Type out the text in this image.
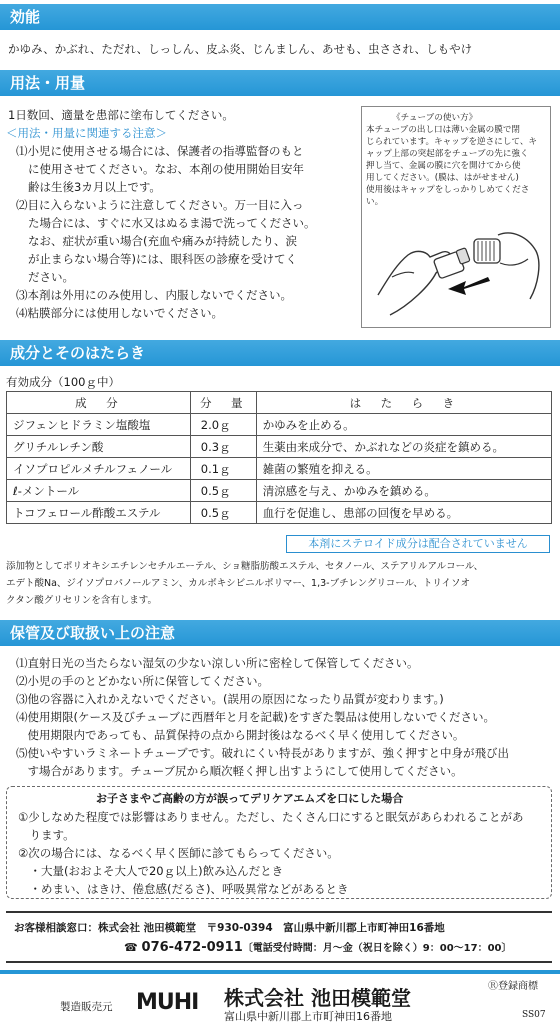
効能
かゆみ、かぶれ、ただれ、しっしん、皮ふ炎、じんましん、あせも、虫さされ、しもやけ
用法・用量
1日数回、適量を患部に塗布してください。
＜用法・用量に関連する注意＞
⑴小児に使用させる場合には、保護者の指導監督のもと
に使用させてください。なお、本剤の使用開始目安年
齢は生後3カ月以上です。
⑵目に入らないように注意してください。万一目に入っ
た場合には、すぐに水又はぬるま湯で洗ってください。
なお、症状が重い場合(充血や痛みが持続したり、涙
が止まらない場合等)には、眼科医の診療を受けてく
ださい。
⑶本剤は外用にのみ使用し、内服しないでください。
⑷粘膜部分には使用しないでください。
《チューブの使い方》
本チューブの出し口は薄い金属の膜で閉
じられています。キャップを逆さにして、キ
ャップ上部の突起部をチューブの先に強く
押し当て、金属の膜に穴を開けてから使
用してください。(膜は、はがせません)
使用後はキャップをしっかりしめてくださ
い。
成分とそのはたらき
有効成分（100ｇ中）
成　分	分　量	は　た　ら　き
ジフェンヒドラミン塩酸塩	2.0ｇ	かゆみを止める。
グリチルレチン酸	0.3ｇ	生薬由来成分で、かぶれなどの炎症を鎮める。
イソプロピルメチルフェノール	0.1ｇ	雑菌の繁殖を抑える。
ℓ-メントール	0.5ｇ	清涼感を与え、かゆみを鎮める。
トコフェロール酢酸エステル	0.5ｇ	血行を促進し、患部の回復を早める。
本剤にステロイド成分は配合されていません
添加物としてポリオキシエチレンセチルエーテル、ショ糖脂肪酸エステル、セタノール、ステアリルアルコール、
エデト酸Na、ジイソプロパノールアミン、カルボキシビニルポリマー、1,3-ブチレングリコール、トリイソオ
クタン酸グリセリンを含有します。
保管及び取扱い上の注意
⑴直射日光の当たらない湿気の少ない涼しい所に密栓して保管してください。
⑵小児の手のとどかない所に保管してください。
⑶他の容器に入れかえないでください。(誤用の原因になったり品質が変わります。)
⑷使用期限(ケース及びチューブに西暦年と月を記載)をすぎた製品は使用しないでください。
　使用期限内であっても、品質保持の点から開封後はなるべく早く使用してください。
⑸使いやすいラミネートチューブです。破れにくい特長がありますが、強く押すと中身が飛び出
　す場合があります。チューブ尻から順次軽く押し出すようにして使用してください。
お子さまやご高齢の方が誤ってデリケアエムズを口にした場合
①少しなめた程度では影響はありません。ただし、たくさん口にすると眠気があらわれることがあ
　ります。
②次の場合には、なるべく早く医師に診てもらってください。
　・大量(おおよそ大人で20ｇ以上)飲み込んだとき
　・めまい、はきけ、倦怠感(だるさ)、呼吸異常などがあるとき
お客様相談窓口：株式会社 池田模範堂　〒930-0394　富山県中新川郡上市町神田16番地
☎ 076-472-0911〔電話受付時間：月～金（祝日を除く）9：00～17：00〕
Ⓡ登録商標
製造販売元 MUHI 株式会社 池田模範堂
富山県中新川郡上市町神田16番地	SS07
